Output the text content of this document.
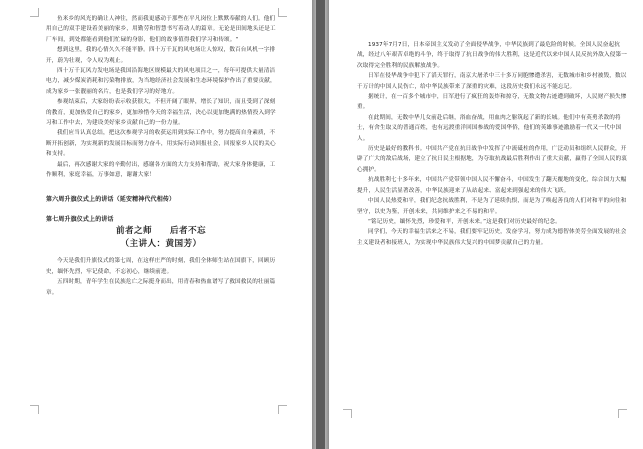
鱼米乡的风光的确让人神往，然而我更感动于那些在平凡岗位上默默奉献的人们。他们用自己的双手建设着美丽的家乡，用勤劳和智慧书写着动人的篇章。无论是田间地头还是工厂车间，到处都能看到他们忙碌的身影，他们的故事值得我们学习和传颂。“

想到这里，我的心情久久不能平静。四十万千瓦的风电场让人惊叹，数百台风机一字排开，蔚为壮观，令人叹为观止。

四十万千瓦风力发电场是我国沿海地区规模最大的风电项目之一，每年可提供大量清洁电力，减少煤炭消耗和污染物排放，为当地经济社会发展和生态环境保护作出了重要贡献，成为家乡一张靓丽的名片，也是我们学习的好地方。

参观结束后，大家纷纷表示收获很大，不但开阔了眼界，增长了知识，而且受到了深刻的教育，更加热爱自己的家乡，更加珍惜今天的幸福生活，决心以更加饱满的热情投入到学习和工作中去，为建设美好家乡贡献自己的一份力量。

我们应当认真总结，把这次参观学习的收获运用到实际工作中，努力提高自身素质，不断开拓创新，为实现新的发展目标而努力奋斗，用实际行动回报社会，回报家乡人民的关心和支持。

最后，再次感谢大家的辛勤付出，感谢各方面的大力支持和帮助，祝大家身体健康，工作顺利，家庭幸福，万事如意，谢谢大家！

第六周升旗仪式上的讲话（延安精神代代相传）

第七周升旗仪式上的讲话

前者之师 后者不忘

（主讲人：黄国芳）

今天是我们升旗仪式的第七周，在这样庄严的时刻，我们全体师生站在国旗下，回顾历史，缅怀先烈，牢记使命，不忘初心，继续前进。

五四时期，青年学生在民族危亡之际挺身而出，用青春和热血谱写了救国救民的壮丽篇章。

1937年7月7日，日本帝国主义发动了全面侵华战争，中华民族到了最危险的时候。全国人民奋起抗战，经过八年艰苦卓绝的斗争，终于取得了抗日战争的伟大胜利，这是近代以来中国人民反抗外敌入侵第一次取得完全胜利的民族解放战争。

日军在侵华战争中犯下了滔天罪行，南京大屠杀中三十多万同胞惨遭杀害，无数城市和乡村被毁，数以千万计的中国人民伤亡，给中华民族带来了深重的灾难，这段历史我们永远不能忘记。

据统计，在一百多个城市中，日军进行了疯狂的轰炸和掠夺，无数文物古迹遭到破坏，人民财产损失惨重。

在此期间，无数中华儿女前赴后继，浴血奋战，用血肉之躯筑起了新的长城。他们中有英勇杀敌的将士，有舍生取义的普通百姓，也有远渡重洋回国参战的爱国华侨，他们的英雄事迹激励着一代又一代中国人。

历史是最好的教科书。中国共产党在抗日战争中发挥了中流砥柱的作用，广泛动员和组织人民群众，开辟了广大的敌后战场，建立了抗日民主根据地，为夺取抗战最后胜利作出了重大贡献，赢得了全国人民的衷心拥护。

抗战胜利七十多年来，中国共产党带领中国人民不懈奋斗，中国发生了翻天覆地的变化，综合国力大幅提升，人民生活显著改善，中华民族迎来了从站起来、富起来到强起来的伟大飞跃。

中国人民热爱和平，我们纪念抗战胜利，不是为了延续仇恨，而是为了唤起善良的人们对和平的向往和坚守，以史为鉴，开创未来，共同维护来之不易的和平。

“铭记历史，缅怀先烈，珍爱和平，开创未来。”这是我们对历史最好的纪念。

同学们，今天的幸福生活来之不易，我们要牢记历史，发奋学习，努力成为德智体美劳全面发展的社会主义建设者和接班人，为实现中华民族伟大复兴的中国梦贡献自己的力量。
